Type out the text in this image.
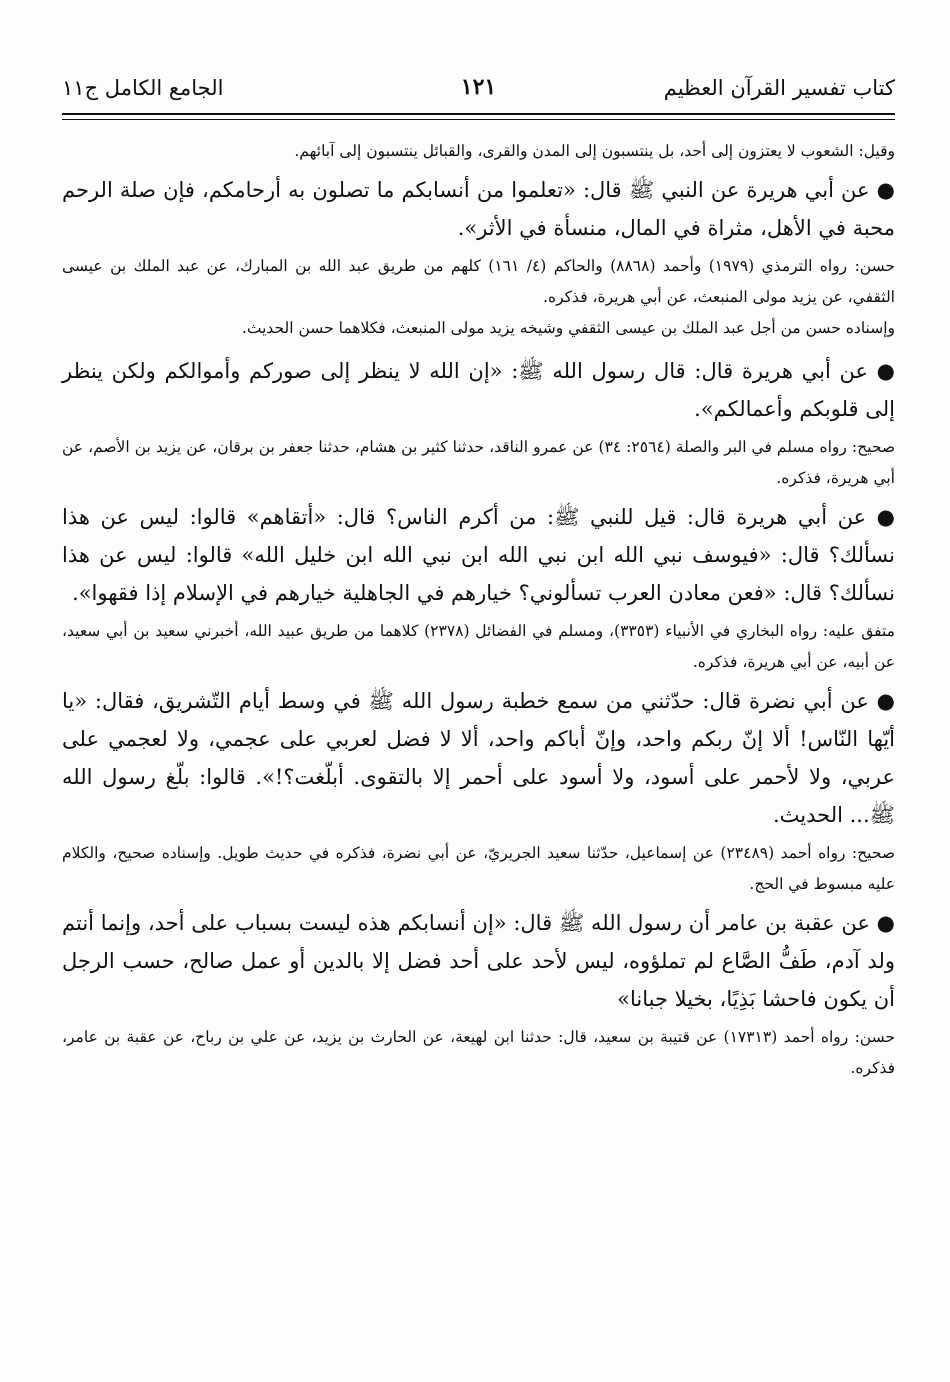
كتاب تفسير القرآن العظيم
١٢١
الجامع الكامل ج١١

وقيل: الشعوب لا يعتزون إلى أحد، بل ينتسبون إلى المدن والقرى، والقبائل ينتسبون إلى آبائهم.

● عن أبي هريرة عن النبي ﷺ قال: «تعلموا من أنسابكم ما تصلون به أرحامكم، فإن صلة الرحم محبة في الأهل، مثراة في المال، منسأة في الأثر».

حسن: رواه الترمذي (١٩٧٩) وأحمد (٨٨٦٨) والحاكم (٤/ ١٦١) كلهم من طريق عبد الله بن المبارك، عن عبد الملك بن عيسى الثقفي، عن يزيد مولى المنبعث، عن أبي هريرة، فذكره.

وإسناده حسن من أجل عبد الملك بن عيسى الثقفي وشيخه يزيد مولى المنبعث، فكلاهما حسن الحديث.

● عن أبي هريرة قال: قال رسول الله ﷺ: «إن الله لا ينظر إلى صوركم وأموالكم ولكن ينظر إلى قلوبكم وأعمالكم».

صحيح: رواه مسلم في البر والصلة (٢٥٦٤: ٣٤) عن عمرو الناقد، حدثنا كثير بن هشام، حدثنا جعفر بن برقان، عن يزيد بن الأصم، عن أبي هريرة، فذكره.

● عن أبي هريرة قال: قيل للنبي ﷺ: من أكرم الناس؟ قال: «أتقاهم» قالوا: ليس عن هذا نسألك؟ قال: «فيوسف نبي الله ابن نبي الله ابن نبي الله ابن خليل الله» قالوا: ليس عن هذا نسألك؟ قال: «فعن معادن العرب تسألوني؟ خيارهم في الجاهلية خيارهم في الإسلام إذا فقهوا».

متفق عليه: رواه البخاري في الأنبياء (٣٣٥٣)، ومسلم في الفضائل (٢٣٧٨) كلاهما من طريق عبيد الله، أخبرني سعيد بن أبي سعيد، عن أبيه، عن أبي هريرة، فذكره.

● عن أبي نضرة قال: حدّثني من سمع خطبة رسول الله ﷺ في وسط أيام التّشريق، فقال: «يا أيّها النّاس! ألا إنّ ربكم واحد، وإنّ أباكم واحد، ألا لا فضل لعربي على عجمي، ولا لعجمي على عربي، ولا لأحمر على أسود، ولا أسود على أحمر إلا بالتقوى. أبلّغت؟!». قالوا: بلّغ رسول الله ﷺ... الحديث.

صحيح: رواه أحمد (٢٣٤٨٩) عن إسماعيل، حدّثنا سعيد الجريريّ، عن أبي نضرة، فذكره في حديث طويل. وإسناده صحيح، والكلام عليه مبسوط في الحج.

● عن عقبة بن عامر أن رسول الله ﷺ قال: «إن أنسابكم هذه ليست بسباب على أحد، وإنما أنتم ولد آدم، طَفُّ الصَّاع لم تملؤوه، ليس لأحد على أحد فضل إلا بالدين أو عمل صالح، حسب الرجل أن يكون فاحشا بَذِيًا، بخيلا جبانا»

حسن: رواه أحمد (١٧٣١٣) عن قتيبة بن سعيد، قال: حدثنا ابن لهيعة، عن الحارث بن يزيد، عن علي بن رباح، عن عقبة بن عامر، فذكره.
